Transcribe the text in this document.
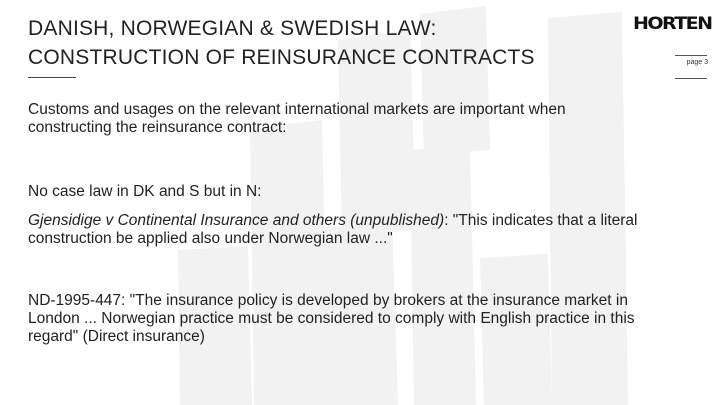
DANISH, NORWEGIAN & SWEDISH LAW:
CONSTRUCTION OF REINSURANCE CONTRACTS
HORTEN
page 3
Customs and usages on the relevant international markets are important when constructing the reinsurance contract:
No case law in DK and S but in N:
Gjensidige v Continental Insurance and others (unpublished): "This indicates that a literal construction be applied also under Norwegian law ..."
ND-1995-447: "The insurance policy is developed by brokers at the insurance market in London ... Norwegian practice must be considered to comply with English practice in this regard" (Direct insurance)
